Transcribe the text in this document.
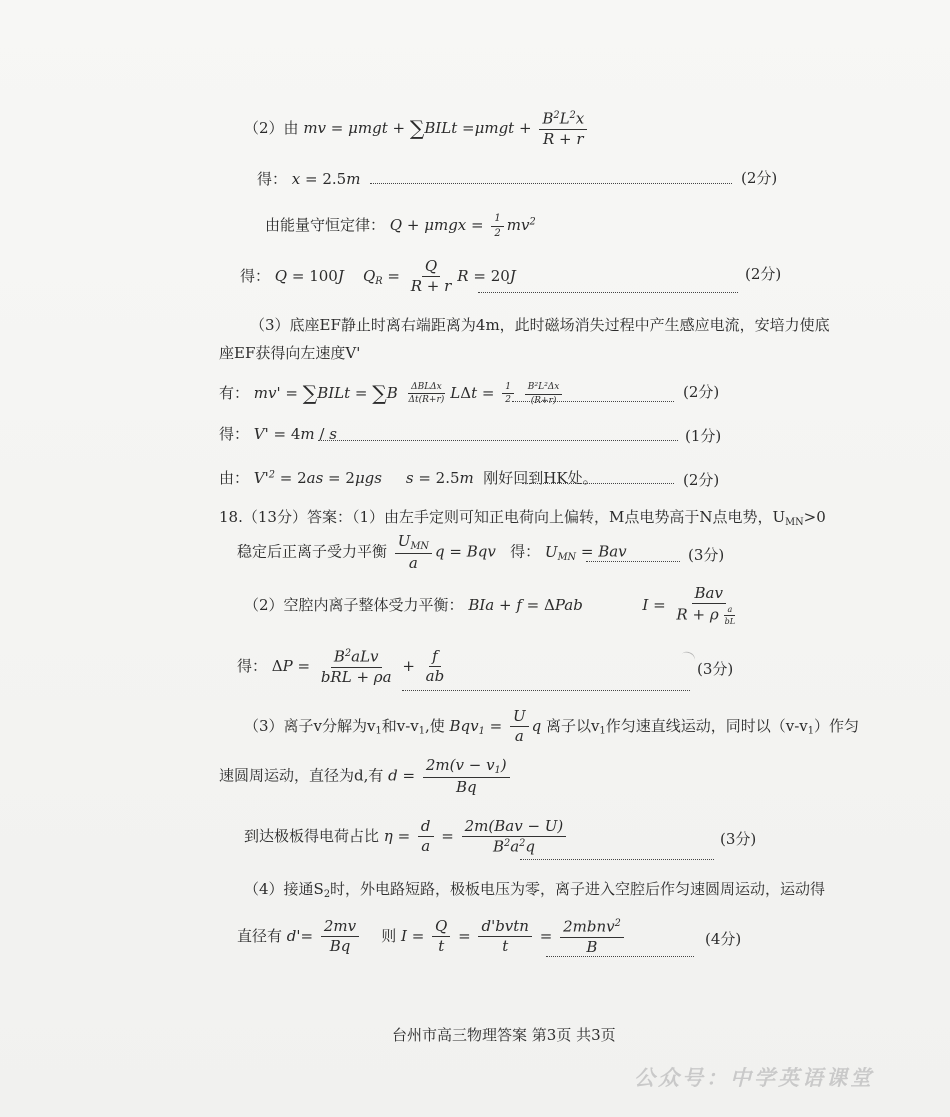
（2）由 mv = μmgt + ∑BILt $=\mu mgt + \frac{B^2L^2x}{R + r}$
得： x = 2.5m	(2分)
由能量守恒定律： $Q + \mu mgx = \frac{1}{2} mv^2$
得： Q = 100J $Q_R = \frac{Q}{R + r}$ R = 20J	(2分)
（3）底座EF静止时离右端距离为4m，此时磁场消失过程中产生感应电流，安培力使底
座EF获得向左速度V'
有： mv' = ∑BILt = $\sum B \frac{\text{ΔBLΔx}}{\Delta t(R+r)}$ $L\Delta t = \frac{1}{2}$
$\frac{B^2L^2\Delta x}{(R+r)}$	(2分)
得： V' = 4m / s	(1分)
由： $V'^2 = 2as = 2\mu gs$ s = 2.5m 刚好回到HK处。	(2分)
18.（13分）答案：（1）由左手定则可知正电荷向上偏转，M点电势高于N点电势，$U_{MN}>0$
稳定后正离子受力平衡 $\frac{U_{MN}}{a}$ q = Bqv 得： $U_{MN}$ = Bav	(3分)
（2）空腔内离子整体受力平衡： BIa + f = ΔPab	$I = \frac{\text{Bav}}{R + \rho \frac{a}{bL}}$
得： $\Delta P = \frac{B^2aLv}{\text{bRL + ρa}} + \frac{f}{ab}$	(3分)
（3）离子v分解为$v_1$和$v-v_1$,使 $Bqv_1 = \frac{U}{a}$ q 离子以$v_1$作匀速直线运动，同时以$(v-v_1)$作匀
速圆周运动，直径为d,有 $d = \frac{2m(v - v_1)}{Bq}$
到达极板得电荷占比 $\eta = \frac{d}{a} = \frac{\text{2m(Bav − U)}}{B^2a^2q}$	(3分)
（4）接通$S_2$时，外电路短路，极板电压为零，离子进入空腔后作匀速圆周运动，运动得
直径有 $d'= \frac{2mv}{Bq}$ 则 $I = \frac{Q}{t} = \frac{\text{d'bvtn}}{t} = \frac{2mbnv^2}{B}$	(4分)
台州市高三物理答案 第3页 共3页
公众号：中学英语课堂
